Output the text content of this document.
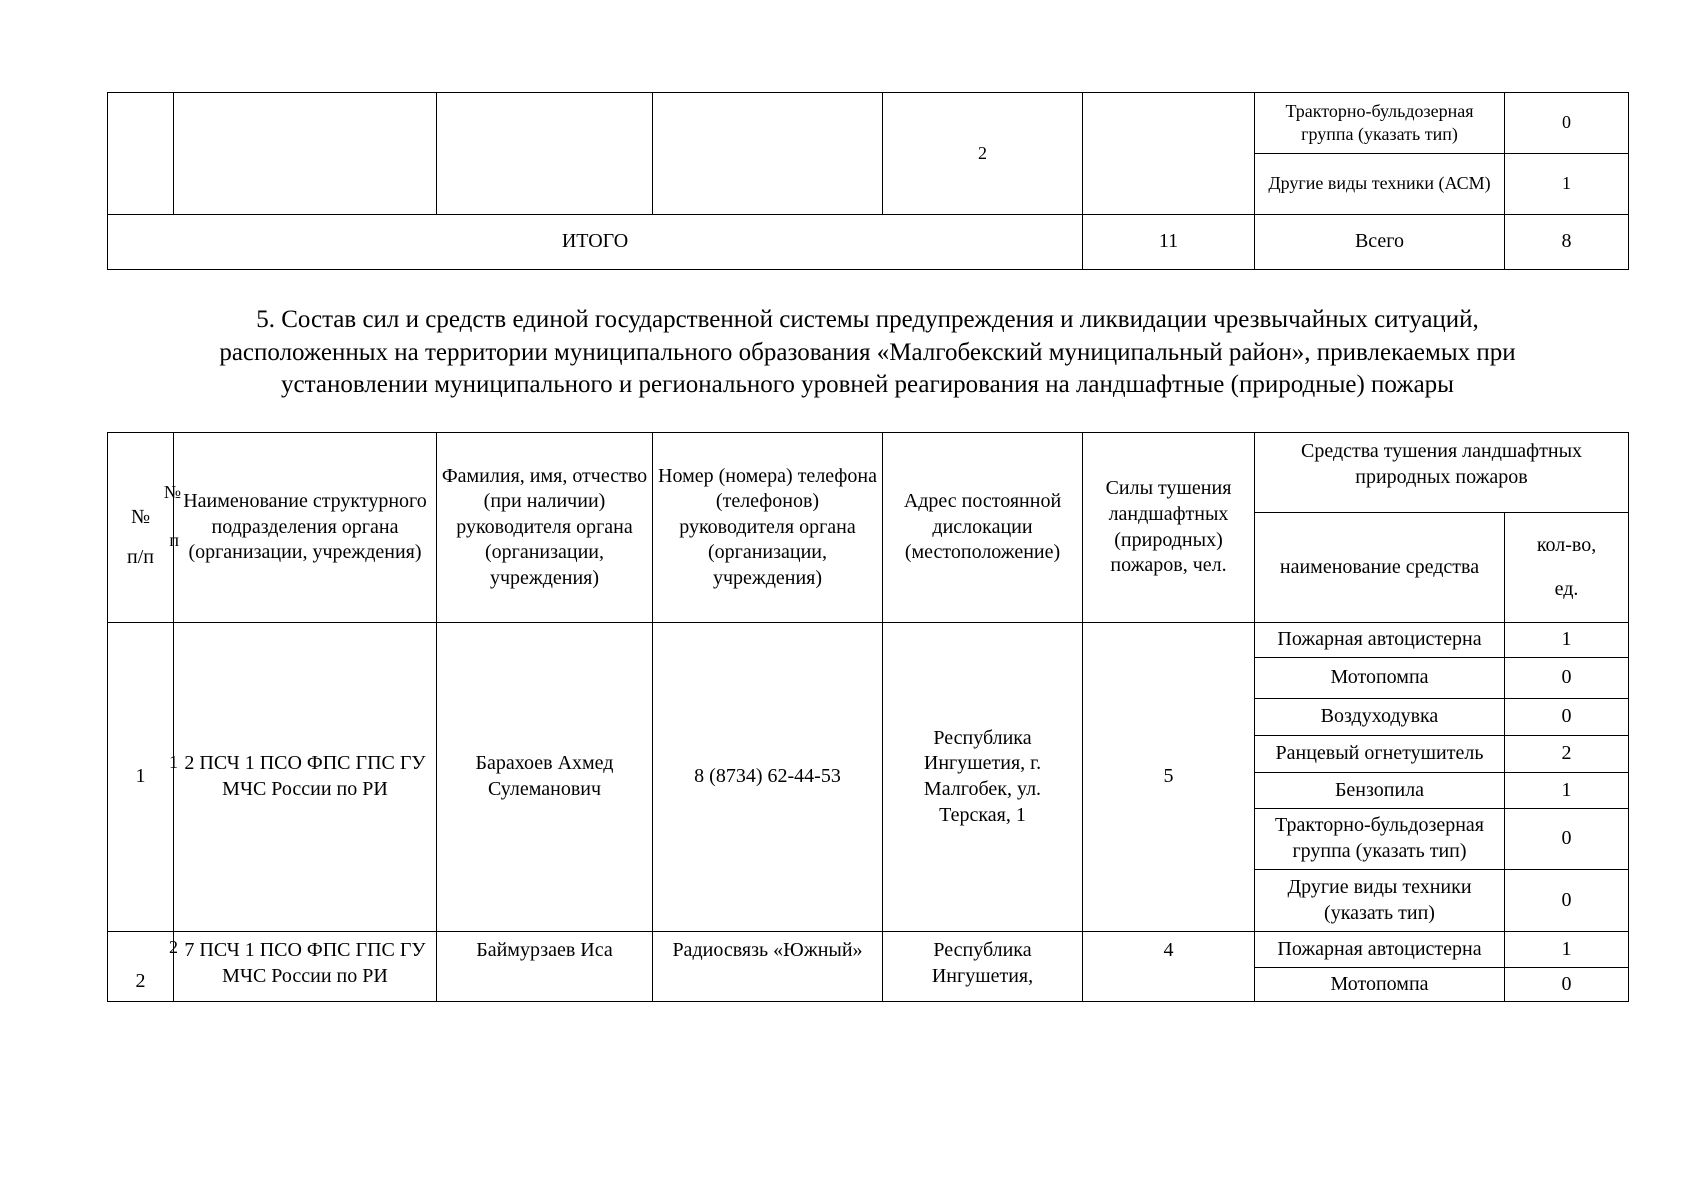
				2		Тракторно-бульдозерная группа (указать тип)	0
						Другие виды техники (АСМ)	1
ИТОГО					11	Всего	8

5. Состав сил и средств единой государственной системы предупреждения и ликвидации чрезвычайных ситуаций,

расположенных на территории муниципального образования «Малгобекский муниципальный район», привлекаемых при

установлении муниципального и регионального уровней реагирования на ландшафтные (природные) пожары

№
п
№
п/п	Наименование структурного подразделения органа (организации, учреждения)	Фамилия, имя, отчество (при наличии) руководителя органа (организации, учреждения)	Номер (номера) телефона (телефонов) руководителя органа (организации, учреждения)	Адрес постоянной дислокации (местоположение)	Силы тушения ландшафтных (природных) пожаров, чел.	Средства тушения ландшафтных природных пожаров	
						наименование средства	кол-во,
ед.

1
1	2 ПСЧ 1 ПСО ФПС ГПС ГУ МЧС России по РИ	Барахоев Ахмед Сулеманович	8 (8734) 62-44-53	Республика Ингушетия, г. Малгобек, ул. Терская, 1	5	Пожарная автоцистерна	1
						Мотопомпа	0
						Воздуходувка	0
						Ранцевый огнетушитель	2
						Бензопила	1
						Тракторно-бульдозерная группа (указать тип)	0
						Другие виды техники (указать тип)	0

2
2	7 ПСЧ 1 ПСО ФПС ГПС ГУ МЧС России по РИ	Баймурзаев Иса	Радиосвязь «Южный»	Республика Ингушетия,	4	Пожарная автоцистерна	1
						Мотопомпа	0
